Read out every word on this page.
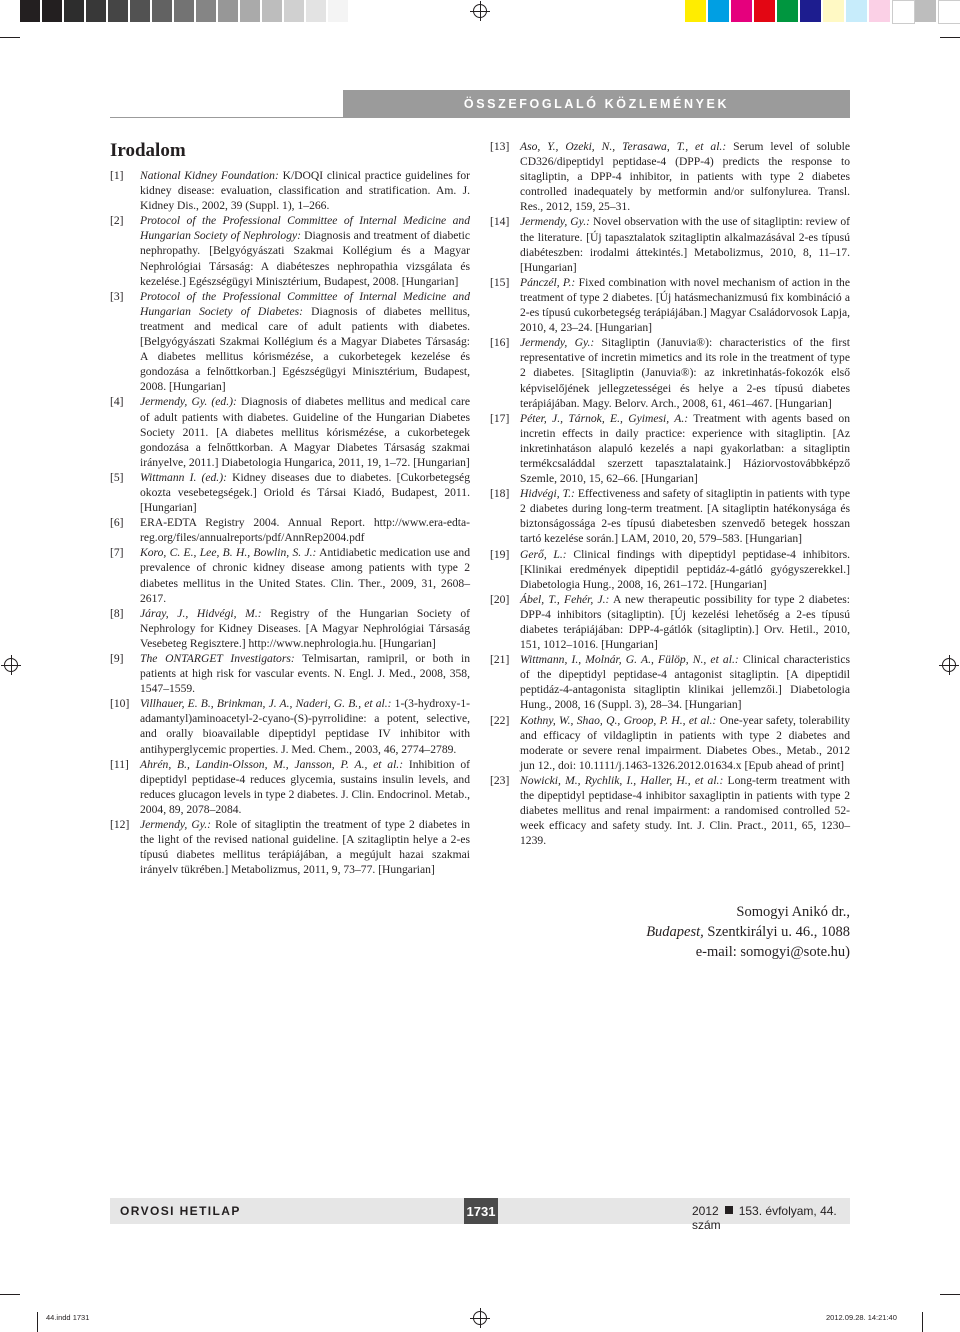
ÖSSZEFOGLALÓ KÖZLEMÉNYEK
Irodalom

[1] National Kidney Foundation: K/DOQI clinical practice guidelines for kidney disease: evaluation, classification and stratification. Am. J. Kidney Dis., 2002, 39 (Suppl. 1), 1–266.

[2] Protocol of the Professional Committee of Internal Medicine and Hungarian Society of Nephrology: Diagnosis and treatment of diabetic nephropathy. [Belgyógyászati Szakmai Kollégium és a Magyar Nephrológiai Társaság: A diabéteszes nephropathia vizsgálata és kezelése.] Egészségügyi Minisztérium, Budapest, 2008. [Hungarian]

[3] Protocol of the Professional Committee of Internal Medicine and Hungarian Society of Diabetes: Diagnosis of diabetes mellitus, treatment and medical care of adult patients with diabetes. [Belgyógyászati Szakmai Kollégium és a Magyar Diabetes Társaság: A diabetes mellitus kórismézése, a cukorbetegek kezelése és gondozása a felnőttkorban.] Egészségügyi Minisztérium, Budapest, 2008. [Hungarian]

[4] Jermendy, Gy. (ed.): Diagnosis of diabetes mellitus and medical care of adult patients with diabetes. Guideline of the Hungarian Diabetes Society 2011. [A diabetes mellitus kórismézése, a cukorbetegek gondozása a felnőttkorban. A Magyar Diabetes Társaság szakmai irányelve, 2011.] Diabetologia Hungarica, 2011, 19, 1–72. [Hungarian]

[5] Wittmann I. (ed.): Kidney diseases due to diabetes. [Cukorbetegség okozta vesebetegségek.] Oriold és Társai Kiadó, Budapest, 2011. [Hungarian]

[6] ERA-EDTA Registry 2004. Annual Report. http://www.era-edta-reg.org/files/annualreports/pdf/AnnRep2004.pdf

[7] Koro, C. E., Lee, B. H., Bowlin, S. J.: Antidiabetic medication use and prevalence of chronic kidney disease among patients with type 2 diabetes mellitus in the United States. Clin. Ther., 2009, 31, 2608–2617.

[8] Járay, J., Hidvégi, M.: Registry of the Hungarian Society of Nephrology for Kidney Diseases. [A Magyar Nephrológiai Társaság Vesebeteg Regisztere.] http://www.nephrologia.hu. [Hungarian]

[9] The ONTARGET Investigators: Telmisartan, ramipril, or both in patients at high risk for vascular events. N. Engl. J. Med., 2008, 358, 1547–1559.

[10] Villhauer, E. B., Brinkman, J. A., Naderi, G. B., et al.: 1-(3-hydroxy-1-adamantyl)aminoacetyl-2-cyano-(S)-pyrrolidine: a potent, selective, and orally bioavailable dipeptidyl peptidase IV inhibitor with antihyperglycemic properties. J. Med. Chem., 2003, 46, 2774–2789.

[11] Ahrén, B., Landin-Olsson, M., Jansson, P. A., et al.: Inhibition of dipeptidyl peptidase-4 reduces glycemia, sustains insulin levels, and reduces glucagon levels in type 2 diabetes. J. Clin. Endocrinol. Metab., 2004, 89, 2078–2084.

[12] Jermendy, Gy.: Role of sitagliptin the treatment of type 2 diabetes in the light of the revised national guideline. [A szitagliptin helye a 2-es típusú diabetes mellitus terápiájában, a megújult hazai szakmai irányelv tükrében.] Metabolizmus, 2011, 9, 73–77. [Hungarian]

[13] Aso, Y., Ozeki, N., Terasawa, T., et al.: Serum level of soluble CD326/dipeptidyl peptidase-4 (DPP-4) predicts the response to sitagliptin, a DPP-4 inhibitor, in patients with type 2 diabetes controlled inadequately by metformin and/or sulfonylurea. Transl. Res., 2012, 159, 25–31.

[14] Jermendy, Gy.: Novel observation with the use of sitagliptin: review of the literature. [Új tapasztalatok szitagliptin alkalmazásával 2-es típusú diabéteszben: irodalmi áttekintés.] Metabolizmus, 2010, 8, 11–17. [Hungarian]

[15] Pánczél, P.: Fixed combination with novel mechanism of action in the treatment of type 2 diabetes. [Új hatásmechanizmusú fix kombináció a 2-es típusú cukorbetegség terápiájában.] Magyar Családorvosok Lapja, 2010, 4, 23–24. [Hungarian]

[16] Jermendy, Gy.: Sitagliptin (Januvia®): characteristics of the first representative of incretin mimetics and its role in the treatment of type 2 diabetes. [Sitagliptin (Januvia®): az inkretinhatás-fokozók első képviselőjének jellegzetességei és helye a 2-es típusú diabetes terápiájában. Magy. Belorv. Arch., 2008, 61, 461–467. [Hungarian]

[17] Péter, J., Tárnok, E., Gyimesi, A.: Treatment with agents based on incretin effects in daily practice: experience with sitagliptin. [Az inkretinhatáson alapuló kezelés a napi gyakorlatban: a sitagliptin termékcsaláddal szerzett tapasztalataink.] Háziorvostovábbképző Szemle, 2010, 15, 62–66. [Hungarian]

[18] Hidvégi, T.: Effectiveness and safety of sitagliptin in patients with type 2 diabetes during long-term treatment. [A sitagliptin hatékonysága és biztonságossága 2-es típusú diabetesben szenvedő betegek hosszan tartó kezelése során.] LAM, 2010, 20, 579–583. [Hungarian]

[19] Gerő, L.: Clinical findings with dipeptidyl peptidase-4 inhibitors. [Klinikai eredmények dipeptidil peptidáz-4-gátló gyógyszerekkel.] Diabetologia Hung., 2008, 16, 261–172. [Hungarian]

[20] Ábel, T., Fehér, J.: A new therapeutic possibility for type 2 diabetes: DPP-4 inhibitors (sitagliptin). [Új kezelési lehetőség a 2-es típusú diabetes terápiájában: DPP-4-gátlók (sitagliptin).] Orv. Hetil., 2010, 151, 1012–1016. [Hungarian]

[21] Wittmann, I., Molnár, G. A., Fülöp, N., et al.: Clinical characteristics of the dipeptidyl peptidase-4 antagonist sitagliptin. [A dipeptidil peptidáz-4-antagonista sitagliptin klinikai jellemzői.] Diabetologia Hung., 2008, 16 (Suppl. 3), 28–34. [Hungarian]

[22] Kothny, W., Shao, Q., Groop, P. H., et al.: One-year safety, tolerability and efficacy of vildagliptin in patients with type 2 diabetes and moderate or severe renal impairment. Diabetes Obes., Metab., 2012 jun 12., doi: 10.1111/j.1463-1326.2012.01634.x [Epub ahead of print]

[23] Nowicki, M., Rychlik, I., Haller, H., et al.: Long-term treatment with the dipeptidyl peptidase-4 inhibitor saxagliptin in patients with type 2 diabetes mellitus and renal impairment: a randomised controlled 52-week efficacy and safety study. Int. J. Clin. Pract., 2011, 65, 1230–1239.

Somogyi Anikó dr.,
Budapest, Szentkirályi u. 46., 1088
e-mail: somogyi@sote.hu)
ORVOSI HETILAP	1731	2012 153. évfolyam, 44. szám
44.indd 1731	2012.09.28. 14:21:40
